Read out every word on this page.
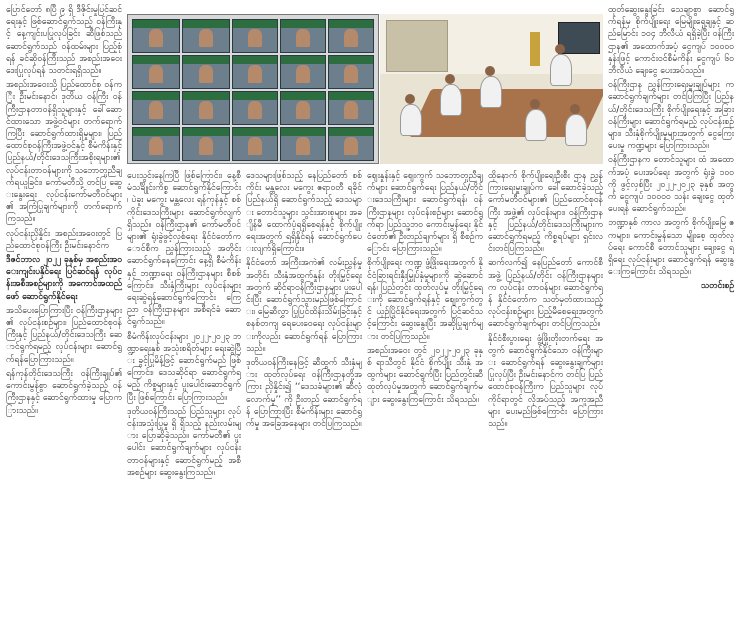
ပြောင်တော် ၈ပြီ ၉ ရှိ ဒီဇိုင်းမှုပြင်ဆင်ရေးနှင့် ဖြစ်ဆောင်ရွက်သည့် ဝန်ကြီးနှင့် နေ့ကျင်းပပြုလုပ်ခြင်း ဆီဖြစ်သည် ဆောင်ရွက်သည် ဝန်ထမ်းများ ပြည့်စုံရန် ခင်ဆိုဝန်ကြီးသည် အစည်းအဝေး ဒေးပြုလုပ်ရန် သတင်းရရှိသည်။

အစည်းအဝေးသို့ ပြည်ထောင်စု ဝန်ကြီး ဦးမင်းနောင်၊ ဒုတိယ ဝန်ကြီး ဝန်ကြီးဌာနတာဝန်ရှိသူများနှင့် ခေါ်ဆောင်ထားသော အဖွဲ့ဝင်များ တက်ရောက်ကြပြီး ဆောင်ရွက်ထားရှိမှုများ၊ ပြည်ထောင်စုဝန်ကြီးအဖွဲ့ဝင်နှင့် စီမံကိန်းနှင့် ပြည်နယ်/တိုင်းဒေသကြီးအစိုးရများ၏ လုပ်ငန်းတာဝန်များကို သဘောတူညီချက်ရယူခြင်း၊ ကော်မတီသို့ တင်ပြ ဆွေးနွေးရေး လုပ်ငန်းကော်မတီဝင်များ၏ အကြံပြုချက်များကို တက်ရောက်ကြသည်။

လုပ်ငန်းညှိနှိုင်း အစည်းအဝေးတွင် ပြည်ထောင်စုဝန်ကြီး ဦးမင်းနောင်က

ဒီဇင်ဘာလ ၂၀၂၂ ခုနှစ်မှ အစည်းအဝေးကျင်းပနိုင်ရေး ပြင်ဆင်ရန် လုပ်ငန်းအစီအစဉ်များကို အကောင်အထည်ဖော် ဆောင်ရွက်နိုင်ရေး

အသိပေးပြောကြားပြီး ဝန်ကြီးဌာနများ၏ လုပ်ငန်းစဉ်များ၊ ပြည်ထောင်စုဝန်ကြီးနှင့် ပြည်နယ်/တိုင်းဒေသကြီး ဆောင်ရွက်ရမည့် လုပ်ငန်းများ ဆောင်ရွက်ရန်ပြောကြားသည်။

ရန်ကုန်တိုင်းဒေသကြီး ဝန်ကြီးချုပ်၏ ကောင်းမွန်စွာ ဆောင်ရွက်ခဲ့သည့် ဝန်ကြီးဌာနနှင့် ဆောင်ရွက်ထားမှု ပြောကြားသည်။

ထုတ်ဆွေးနွေးခြင်း သေချာစွာ ဆောင်ရွက်ရန်မှ စိုက်ပျိုးရေး မြေမျိုးရှေ့ချနှင့် ဆည်မြောင်း ၁၀၄ ဘီလီယံ ရရှိခဲ့ပြီး ဝန်ကြီးဌာန၏ အထောက်အပံ့ ငွေကျပ် ၁၀၀၀၀ နှန်းဖြင့် ကောင်းဝင်စီမံကိန်း ငွေကျပ် ၆၀ ဘီလီယံ ချေးငွေ ပေးအပ်သည်။

ဝန်ကြီးဌာန ညွှန်ကြားရေးမှူးချုပ်များ က ဆောင်ရွက်ချက်များ တင်ပြကြပြီး ပြည်နယ်/တိုင်းဒေသကြီး စိုက်ပျိုးရေးနှင့် အခြားဝန်ကြီးများ ဆောင်ရွက်ရမည့် လုပ်ငန်းစဉ်များ၊ သီးနှံစိုက်ပျိုးမှုများအတွက် ငွေကြေး ပေးမှု ကဏ္ဍများ ပြောကြားသည်။

ဝန်ကြီးဌာနက တောင်သူများ ထံ အထောက်အပံ့ ပေးအပ်ရေး အတွက် ရုံးခွဲ ၁၀၀ ကို ဖွင့်လှစ်ပြီး ၂၀၂၂-၂၀၂၃ ခုနှစ် အတွက် ငွေကျပ် ၁၀၀၀၀ သန်း ချေးငွေ ထုတ်ပေးရန် ဆောင်ရွက်သည်။

ဘဏ္ဍာနှစ် ကာလ အတွက် စိုက်ပျိုးမြေ ဧကများ၊ ကောင်းမွန်သော မျိုးစေ့ ထုတ်လုပ်ရေး ကောင်စီ တောင်သူများ ချေးငွေ ရရှိရေး လုပ်ငန်းများ ဆောင်ရွက်ရန် ဆွေးနွေးကြကြောင်း သိရသည်။

သတင်းစဉ်

ပေးသွင်းနေကြပြီ ဖြစ်ကြောင်း၊ နေ့စီမံသင်္ချိုင်းကိစ္စ ဆောင်ရွက်နိုင်ကြောင်း၊ ပဲခူး မကွေး မန္တလေး ရန်ကုန်နှင့် စစ်ကိုင်းဒေသကြီးများ ဆောင်ရွက်လျက်ရှိသည်။ ဝန်ကြီးဌာန၏ ကော်မတီဝင်များ၏ ရုံးခွဲဖွင့်လှစ်ရေး နိုင်ငံတော်ကောင်စီက ညွှန်ကြားသည့် အတိုင်း ဆောင်ရွက်နေကြောင်း နေ့ရှိ စီမံကိန်းနှင့် ဘဏ္ဍာရေး ဝန်ကြီးဌာနများ စီစစ်ကြောင်း၊ သီးနှံကြီးများ လုပ်ငန်းများ ရေးဆွဲရန်ဆောင်ရွက်ကြောင်း ကြေညာ ဝန်ကြီးဌာနများ အစီရင်ခံ ဆောင်ရွက်သည်။

စီမံကိန်းလုပ်ငန်းများ ၂၀၂၂-၂၀၂၃ ဘဏ္ဍာရေးနှစ် အသုံးစရိတ်များ ရေးဆွဲပြီး ခွင့်ပြုမိန့်ဖြင့် ဆောင်ရွက်မည် ဖြစ်ကြောင်း၊ ဒေသဆိုင်ရာ ဆောင်ရွက်ရမည့် ကိစ္စများနှင့် ပူးပေါင်းဆောင်ရွက်ပြီး ဖြစ်ကြောင်း ပြောကြားသည်။

ဒုတိယဝန်ကြီးသည် ပြည်သူများ လုပ်ငန်းအသုံးပြုမှု ရှိ ရှိသည့် နည်းလမ်းများ ပြောဆိုခဲ့သည်။ ကော်မတီ၏ ပူးပေါင်း ဆောင်ရွက်ချက်များ လုပ်ငန်းတာဝန်များနှင့် ဆောင်ရွက်မည့် အစီအစဉ်များ ဆွေးနွေးကြသည်။

ဒေသများဖြစ်သည့် နေပြည်တော် စစ်ကိုင်း မန္တလေး မကွေး ဧရာဝတီ ရခိုင်ပြည်နယ်ရှိ ဆောင်ရွက်သည့် ဒေသများ တောင်သူများ သွင်းအားစုများ အချိန်မီ ထောက်ပံ့ရရှိစေရန်နှင့် စိုက်ပျိုးရေးအတွက် ရရှိနိုင်ရန် ဆောင်ရွက်ပေးလျက်ရှိကြောင်း။

နိုင်ငံတော် အကြီးအကဲ၏ လမ်းညွှန်မှုအတိုင်း သီးနှံအထွက်နှုန်း တိုးမြှင့်ရေးအတွက် ဆိုင်ရာဝန်ကြီးဌာနများ ပူးပေါင်းပြီး ဆောင်ရွက်သွားမည်ဖြစ်ကြောင်း၊ မြေဆီလွှာ ပြုပြင်ထိန်းသိမ်းခြင်းနှင့် စနစ်တကျ ရေပေးဝေရေး လုပ်ငန်းများကိုလည်း ဆောင်ရွက်ရန် ပြောကြားသည်။

ဒုတိယဝန်ကြီးနေဖြင့် ဆီထွက် သီးနှံများ ထုတ်လုပ်ရေး ဝန်ကြီးဌာနတို့အကြား ညှိနှိုင်း၍ ‘‘ဒေသခံများ၏ ဆီလုံလောက်မှု’’ ကို ဦးတည် ဆောင်ရွက်ရန် ပြောကြားပြီး စီမံကိန်းများ ဆောင်ရွက်မှု အခြေအနေများ တင်ပြကြသည်။

ဈေးနှုန်းနှင့် ဈေးကွက် သဘောတူညီချက်များ ဆောင်ရွက်ရေး ပြည်နယ်/တိုင်းဒေသကြီးများ ဆောင်ရွက်ရန်၊ ဝန်ကြီးဌာနများ လုပ်ငန်းစဉ်များ ဆောင်ရွက်ရာ ပြည်သူ့ဘဝ ကောင်းမွန်ရေး နိုင်ငံတော်၏ ဦးတည်ချက်များ ရှိ စီစဉ်ကြောင်း ပြောကြားသည်။

စိုက်ပျိုးရေး ကဏ္ဍ ဖွံ့ဖြိုးရေးအတွက် နိုင်ငံခြားရင်းနှီးမြှုပ်နှံမှုများကို ဆွဲဆောင်ရန်၊ ပြည်တွင်း ထုတ်လုပ်မှု တိုးမြှင့်ရေးကို ဆောင်ရွက်ရန်နှင့် စျေးကွက်တွင် ယှဉ်ပြိုင်နိုင်ရေးအတွက် ပြင်ဆင်သင့်ကြောင်း ဆွေးနွေးပြီး အဆိုပြုချက်များ တင်ပြကြသည်။

အစည်းအဝေး တွင် ၂၀၂၂-၂၀၂၃ ခုနှစ် ရာသီတွင် နိုင်ငံ စိုက်ပျိုး သီးနှံ အထွက်များ ဆောင်ရွက်ပြီး ပြည်တွင်းဆီ ထုတ်လုပ်မှုအတွက် ဆောင်ရွက်ချက်များ ဆွေးနွေးကြကြောင်း သိရသည်။

ထိုနောက် စိုက်ပျိုးရေးဦးစီး ဌာန ညွှန်ကြားရေးမှူးချုပ်က ခေါ်ဆောင်ခဲ့သည့် ကော်မတီဝင်များ၏ ပြည်ထောင်စုဝန်ကြီး အဖွဲ့၏ လုပ်ငန်းများ၊ ဝန်ကြီးဌာနနှင့် ပြည်နယ်/တိုင်းဒေသကြီးများက ဆောင်ရွက်ရမည့် ကိစ္စရပ်များ ရှင်းလင်းတင်ပြကြသည်။

ဆက်လက်၍ နေပြည်တော် ကောင်စီအဖွဲ့ ပြည်နယ်/တိုင်း ဝန်ကြီးဌာနများက လုပ်ငန်း တာဝန်များ ဆောင်ရွက်ရန် နိုင်ငံတော်က သတ်မှတ်ထားသည့် လုပ်ငန်းစဉ်များ ပြည့်မီစေရေးအတွက် ဆောင်ရွက်ချက်များ တင်ပြကြသည်။

နိုင်ငံစီးပွားရေး ဖွံ့ဖြိုးတိုးတက်ရေး အတွက် ဆောင်ရွက်နိုင်သော ဝန်ကြီးများ ဆောင်ရွက်ရန် ဆွေးနွေးချက်များ ပြုလုပ်ပြီး ဦးမင်းနောင်က တင်ပြ ပြည်ထောင်စုဝန်ကြီးက ပြည်သူများ လုပ်ကိုင်ရာတွင် လိုအပ်သည့် အကူအညီများ ပေးမည်ဖြစ်ကြောင်း ပြောကြားသည်။
